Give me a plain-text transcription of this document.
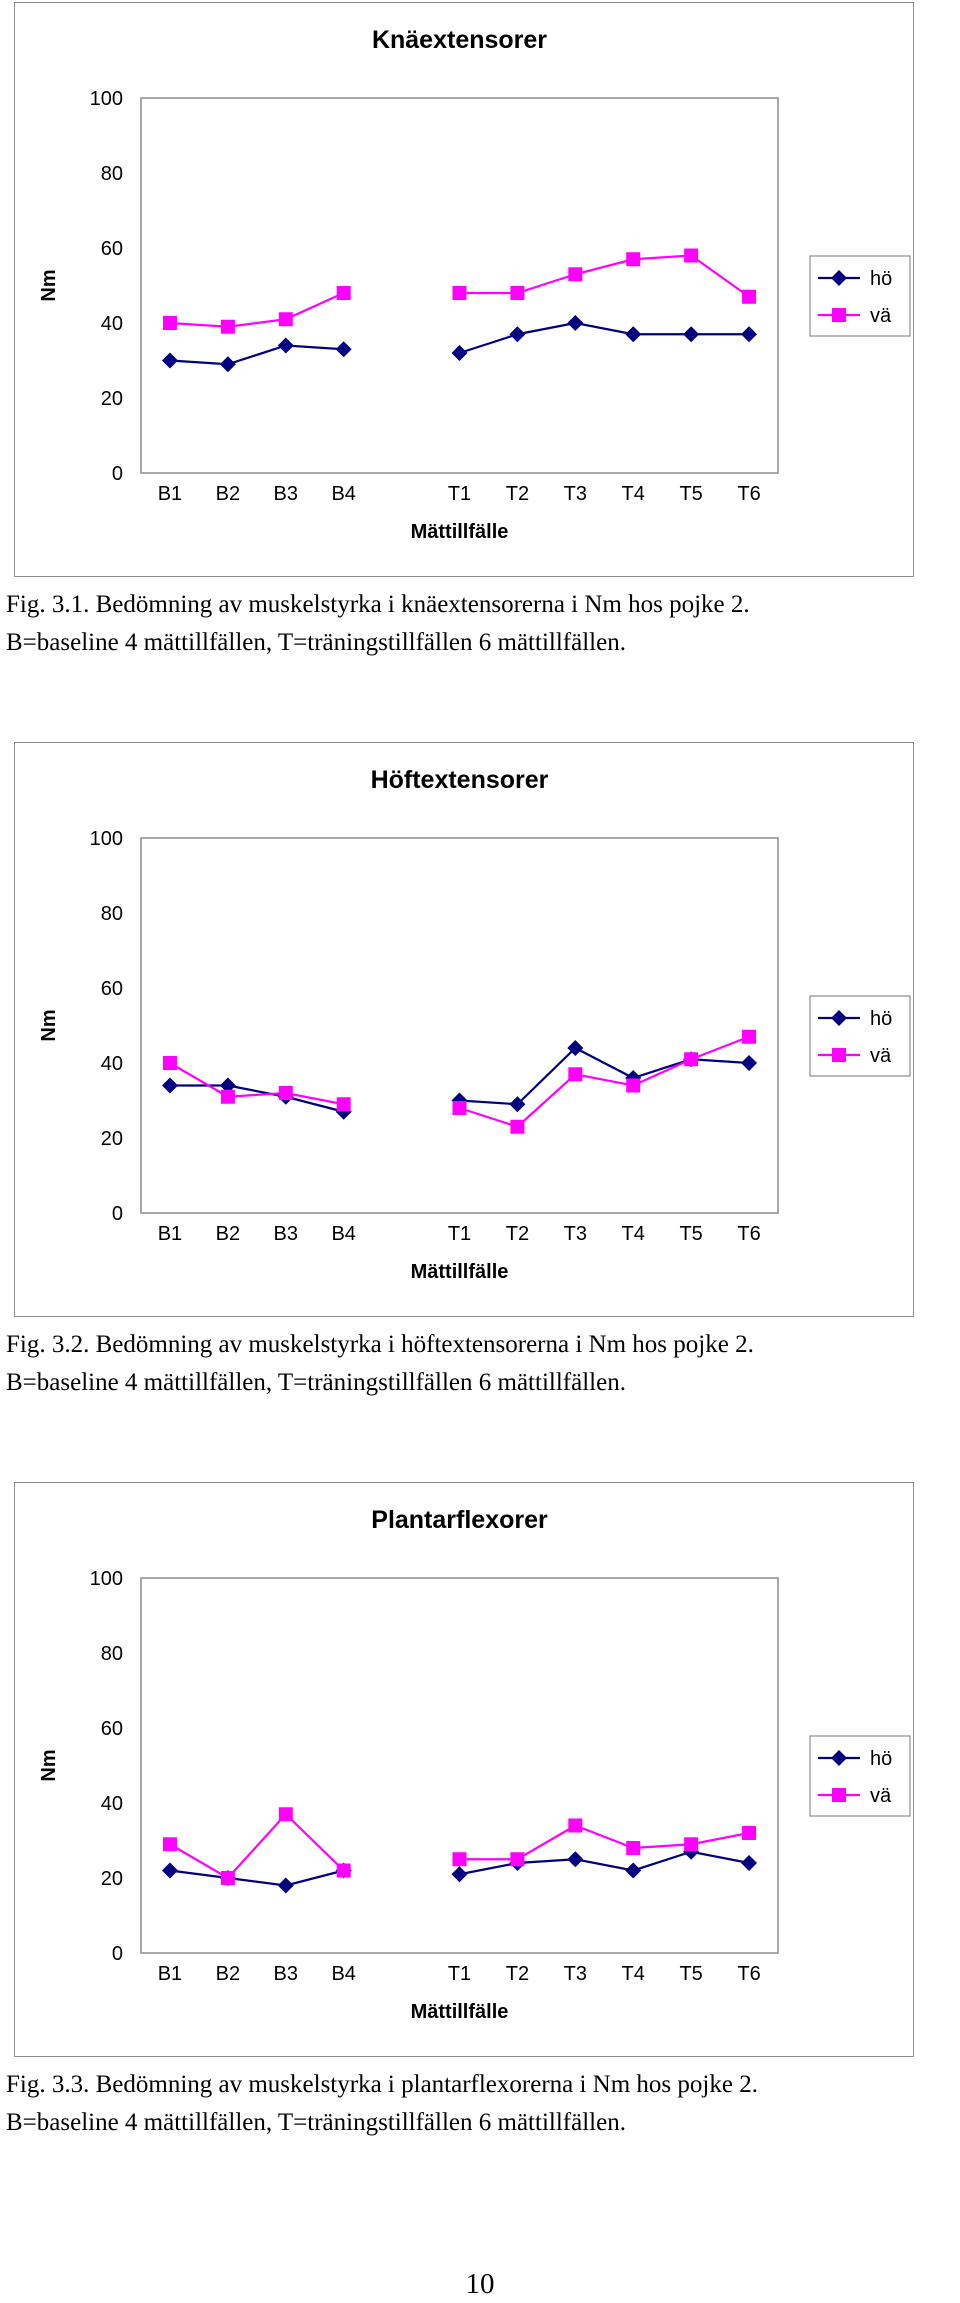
Knäextensorer
0
20
40
60
80
100
B1 B2 B3 B4	T1 T2 T3 T4 T5 T6
Mättillfälle
Nm	hö
vä

Fig. 3.1. Bedömning av muskelstyrka i knäextensorerna i Nm hos pojke 2.

B=baseline 4 mättillfällen, T=träningstillfällen 6 mättillfällen.

Höftextensorer
0
20
40
60
80
100
B1 B2 B3 B4	T1 T2 T3 T4 T5 T6
Mättillfälle
Nm	hö
vä

Fig. 3.2. Bedömning av muskelstyrka i höftextensorerna i Nm hos pojke 2.

B=baseline 4 mättillfällen, T=träningstillfällen 6 mättillfällen.

Plantarflexorer
0
20
40
60
80
100
B1 B2 B3 B4	T1 T2 T3 T4 T5 T6
Mättillfälle
Nm	hö
vä

Fig. 3.3. Bedömning av muskelstyrka i plantarflexorerna i Nm hos pojke 2.

B=baseline 4 mättillfällen, T=träningstillfällen 6 mättillfällen.

10
